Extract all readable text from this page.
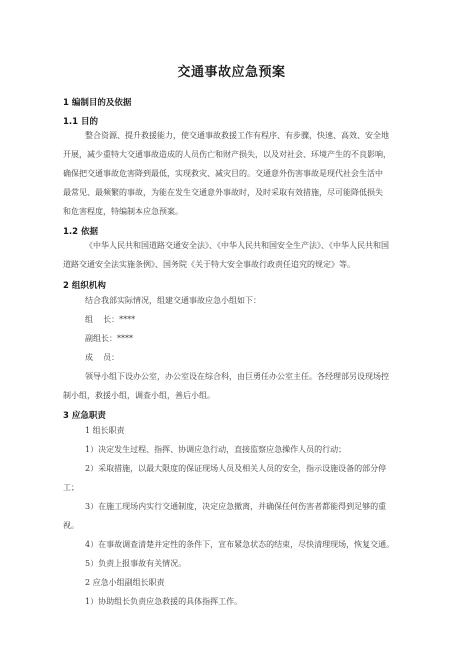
交通事故应急预案
1 编制目的及依据
1.1 目的
整合资源、提升救援能力，使交通事故救援工作有程序、有步骤，快速、高效、安全地
开展，减少重特大交通事故造成的人员伤亡和财产损失，以及对社会、环境产生的不良影响，
确保把交通事故危害降到最低，实现救灾、减灾目的。交通意外伤害事故是现代社会生活中
最常见、最频繁的事故，为能在发生交通意外事故时，及时采取有效措施，尽可能降低损失
和危害程度，特编制本应急预案。
1.2 依据
《中华人民共和国道路交通安全法》、《中华人民共和国安全生产法》、《中华人民共和国
道路交通安全法实施条例》、国务院《关于特大安全事故行政责任追究的规定》等。
2 组织机构
结合我部实际情况，组建交通事故应急小组如下：
组    长：****
副组长：****
成    员：
领导小组下设办公室，办公室设在综合科，由巨勇任办公室主任。各经理部另设现场控
制小组，救援小组，调查小组，善后小组。
3 应急职责
1 组长职责
1）决定发生过程、指挥、协调应急行动，直接监察应急操作人员的行动；
2）采取措施，以最大限度的保证现场人员及相关人员的安全，指示设施设备的部分停
工；
3）在施工现场内实行交通制度，决定应急撤离，并确保任何伤害者都能得到足够的重
视。
4）在事故调查清楚并定性的条件下，宣布紧急状态的结束，尽快清理现场，恢复交通。
5）负责上报事故有关情况。
2 应急小组副组长职责
1）协助组长负责应急救援的具体指挥工作。
